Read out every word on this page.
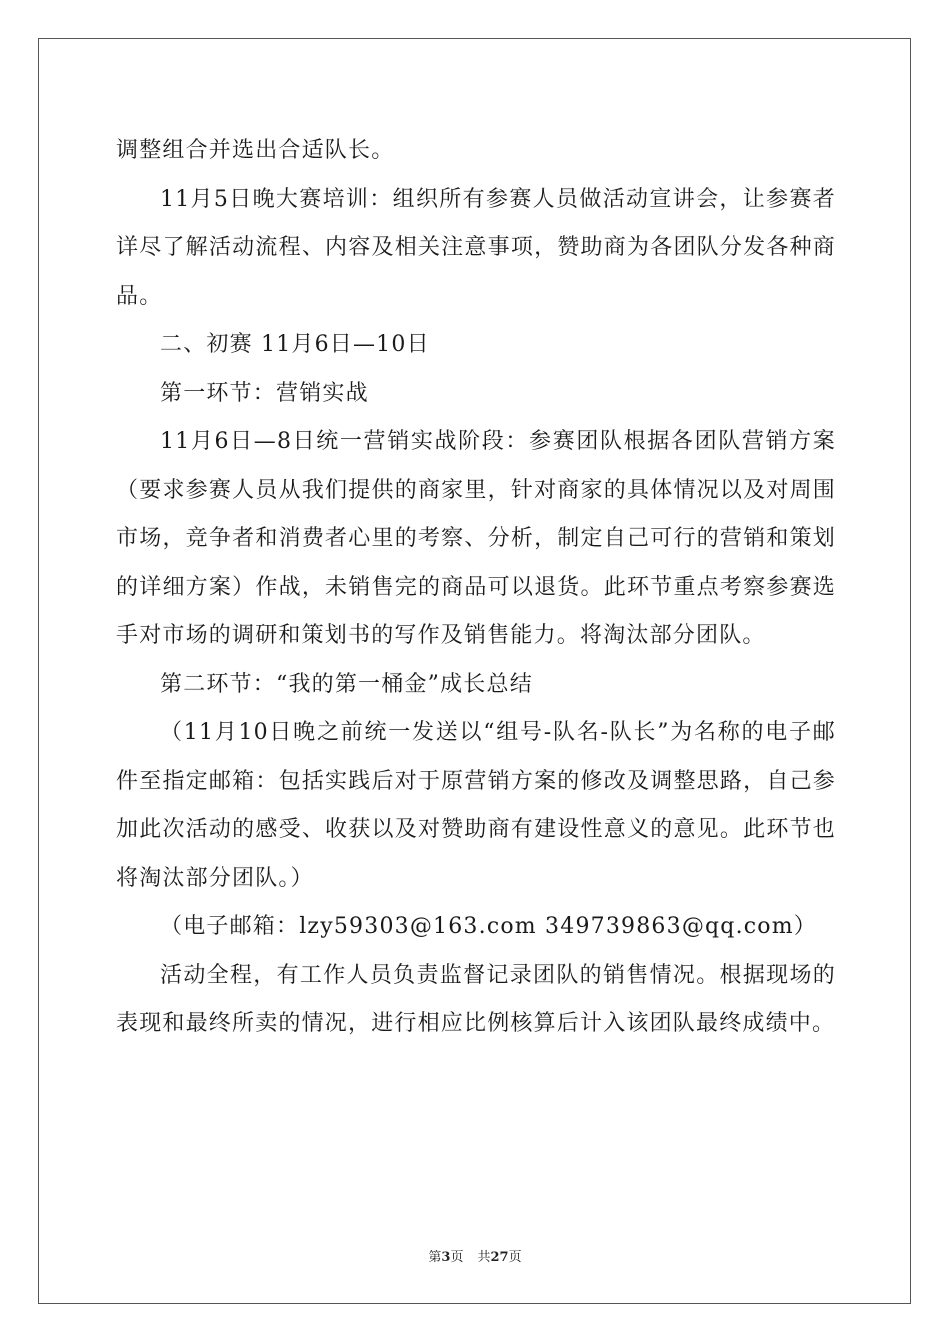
调整组合并选出合适队长。

11月5日晚大赛培训：组织所有参赛人员做活动宣讲会，让参赛者详尽了解活动流程、内容及相关注意事项，赞助商为各团队分发各种商品。

二、初赛 11月6日—10日

第一环节：营销实战

11月6日—8日统一营销实战阶段：参赛团队根据各团队营销方案（要求参赛人员从我们提供的商家里，针对商家的具体情况以及对周围市场，竞争者和消费者心里的考察、分析，制定自己可行的营销和策划的详细方案）作战，未销售完的商品可以退货。此环节重点考察参赛选手对市场的调研和策划书的写作及销售能力。将淘汰部分团队。

第二环节：“我的第一桶金”成长总结

（11月10日晚之前统一发送以“组号-队名-队长”为名称的电子邮件至指定邮箱：包括实践后对于原营销方案的修改及调整思路，自己参加此次活动的感受、收获以及对赞助商有建设性意义的意见。此环节也将淘汰部分团队。）

（电子邮箱：lzy59303@163.com 349739863@qq.com）

活动全程，有工作人员负责监督记录团队的销售情况。根据现场的表现和最终所卖的情况，进行相应比例核算后计入该团队最终成绩中。

第3页 共27页
